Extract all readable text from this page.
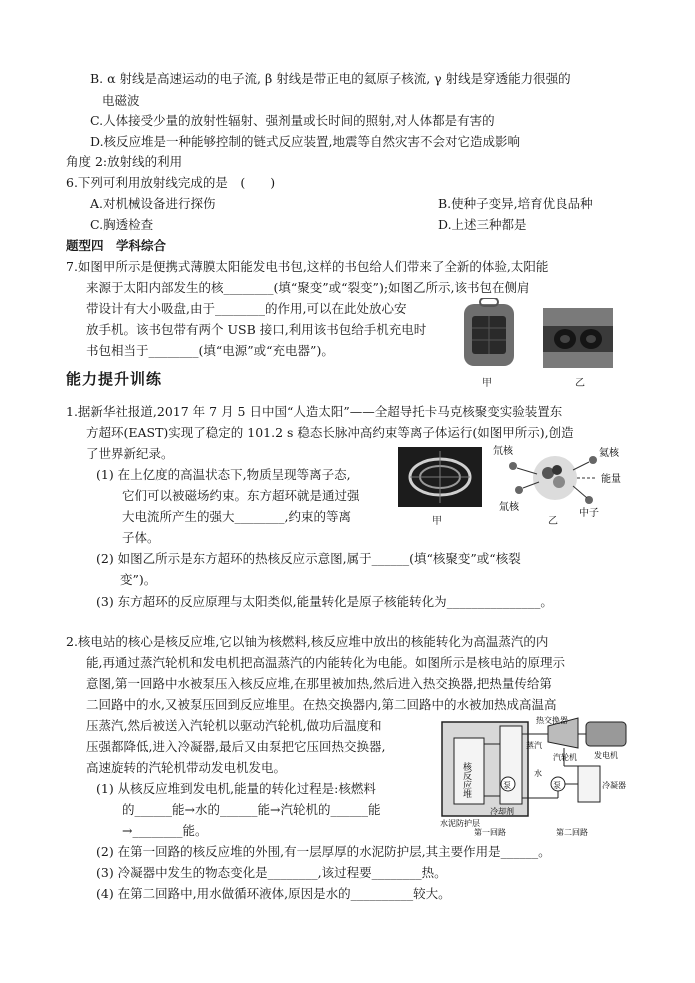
B. α 射线是高速运动的电子流, β 射线是带正电的氦原子核流, γ 射线是穿透能力很强的
电磁波
C.人体接受少量的放射性辐射、强剂量或长时间的照射,对人体都是有害的
D.核反应堆是一种能够控制的链式反应装置,地震等自然灾害不会对它造成影响
角度 2:放射线的利用
6.下列可利用放射线完成的是　(　　)
A.对机械设备进行探伤	B.使种子变异,培育优良品种
C.胸透检查	D.上述三种都是
题型四　学科综合
7.如图甲所示是便携式薄膜太阳能发电书包,这样的书包给人们带来了全新的体验,太阳能
来源于太阳内部发生的核________(填“聚变”或“裂变”);如图乙所示,该书包在侧肩
带设计有大小吸盘,由于________的作用,可以在此处放心安
放手机。该书包带有两个 USB 接口,利用该书包给手机充电时
书包相当于________(填“电源”或“充电器”)。
甲	乙
能力提升训练
1.据新华社报道,2017 年 7 月 5 日中国“人造太阳”——全超导托卡马克核聚变实验装置东
方超环(EAST)实现了稳定的 101.2 s 稳态长脉冲高约束等离子体运行(如图甲所示),创造
了世界新纪录。
(1) 在上亿度的高温状态下,物质呈现等离子态,
它们可以被磁场约束。东方超环就是通过强
大电流所产生的强大________,约束的等离
子体。
(2) 如图乙所示是东方超环的热核反应示意图,属于______(填“核聚变”或“核裂
变”)。
(3) 东方超环的反应原理与太阳类似,能量转化是原子核能转化为_______________。
甲
氘核
氚核
氦核
能量
中子
乙
2.核电站的核心是核反应堆,它以铀为核燃料,核反应堆中放出的核能转化为高温蒸汽的内
能,再通过蒸汽轮机和发电机把高温蒸汽的内能转化为电能。如图所示是核电站的原理示
意图,第一回路中水被泵压入核反应堆,在那里被加热,然后进入热交换器,把热量传给第
二回路中的水,又被泵压回到反应堆里。在热交换器内,第二回路中的水被加热成高温高
压蒸汽,然后被送入汽轮机以驱动汽轮机,做功后温度和
压强都降低,进入冷凝器,最后又由泵把它压回热交换器,
高速旋转的汽轮机带动发电机发电。
(1) 从核反应堆到发电机,能量的转化过程是:核燃料
的______能→水的______能→汽轮机的______能
→________能。
(2) 在第一回路的核反应堆的外围,有一层厚厚的水泥防护层,其主要作用是______。
(3) 冷凝器中发生的物态变化是________,该过程要________热。
(4) 在第二回路中,用水做循环液体,原因是水的__________较大。
核反应堆	泵	泵
热交换器
汽轮机 发电机
蒸汽
水
冷凝器
冷却剂
水泥防护层
第一回路	第二回路
